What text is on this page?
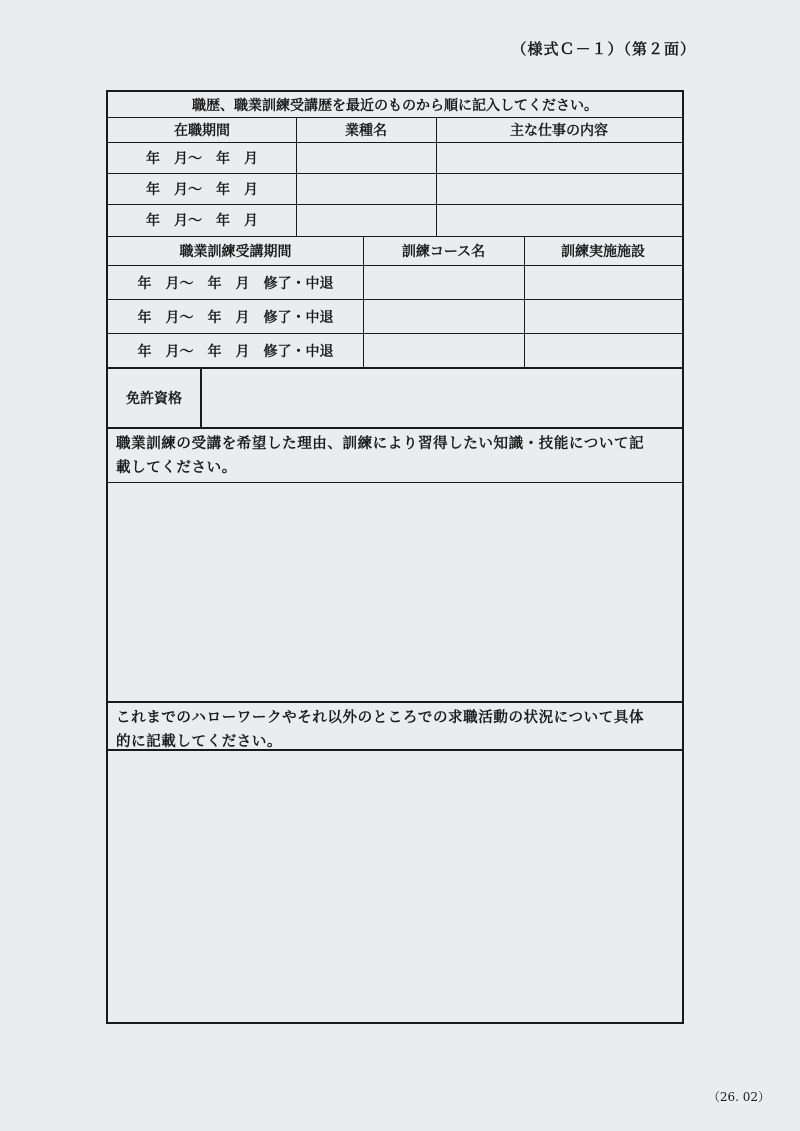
（様式Ｃ－１）（第２面）
職歴、職業訓練受講歴を最近のものから順に記入してください。
在職期間	業種名	主な仕事の内容
年　月～　年　月
年　月～　年　月
年　月～　年　月
職業訓練受講期間	訓練コース名	訓練実施施設
年　月～　年　月　修了・中退
年　月～　年　月　修了・中退
年　月～　年　月　修了・中退
免許資格
職業訓練の受講を希望した理由、訓練により習得したい知識・技能について記
載してください。
これまでのハローワークやそれ以外のところでの求職活動の状況について具体
的に記載してください。
（26. 02）
